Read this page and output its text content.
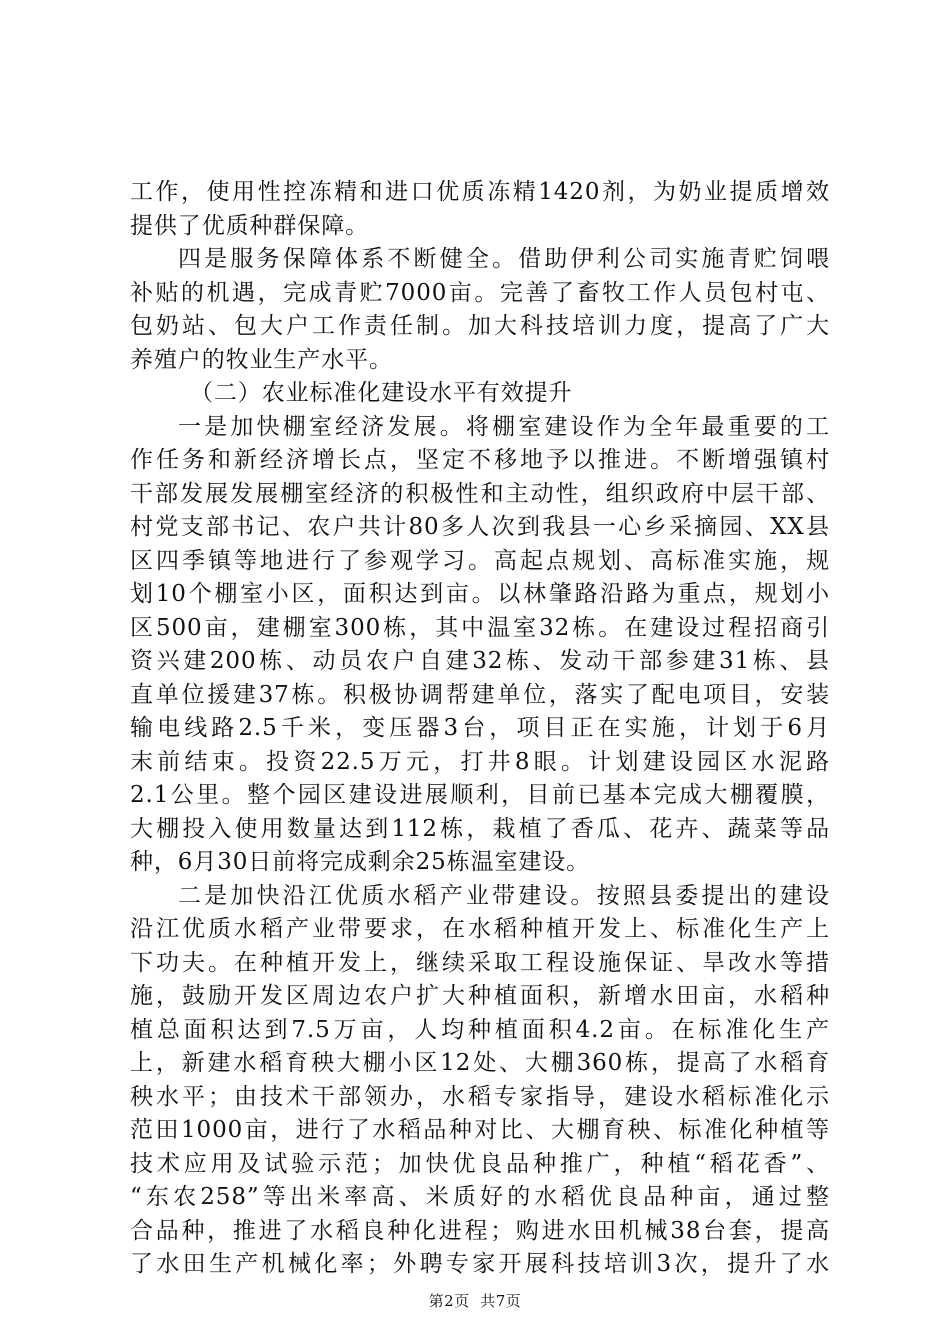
工作，使用性控冻精和进口优质冻精1420剂，为奶业提质增效
提供了优质种群保障。
四是服务保障体系不断健全。借助伊利公司实施青贮饲喂
补贴的机遇，完成青贮7000亩。完善了畜牧工作人员包村屯、
包奶站、包大户工作责任制。加大科技培训力度，提高了广大
养殖户的牧业生产水平。
（二）农业标准化建设水平有效提升
一是加快棚室经济发展。将棚室建设作为全年最重要的工
作任务和新经济增长点，坚定不移地予以推进。不断增强镇村
干部发展发展棚室经济的积极性和主动性，组织政府中层干部、
村党支部书记、农户共计80多人次到我县一心乡采摘园、XX县
区四季镇等地进行了参观学习。高起点规划、高标准实施，规
划10个棚室小区，面积达到亩。以林肇路沿路为重点，规划小
区500亩，建棚室300栋，其中温室32栋。在建设过程招商引
资兴建200栋、动员农户自建32栋、发动干部参建31栋、县
直单位援建37栋。积极协调帮建单位，落实了配电项目，安装
输电线路2.5千米，变压器3台，项目正在实施，计划于6月
末前结束。投资22.5万元，打井8眼。计划建设园区水泥路
2.1公里。整个园区建设进展顺利，目前已基本完成大棚覆膜，
大棚投入使用数量达到112栋，栽植了香瓜、花卉、蔬菜等品
种，6月30日前将完成剩余25栋温室建设。
二是加快沿江优质水稻产业带建设。按照县委提出的建设
沿江优质水稻产业带要求，在水稻种植开发上、标准化生产上
下功夫。在种植开发上，继续采取工程设施保证、旱改水等措
施，鼓励开发区周边农户扩大种植面积，新增水田亩，水稻种
植总面积达到7.5万亩，人均种植面积4.2亩。在标准化生产
上，新建水稻育秧大棚小区12处、大棚360栋，提高了水稻育
秧水平；由技术干部领办，水稻专家指导，建设水稻标准化示
范田1000亩，进行了水稻品种对比、大棚育秧、标准化种植等
技术应用及试验示范；加快优良品种推广，种植“稻花香”、
“东农258”等出米率高、米质好的水稻优良品种亩，通过整
合品种，推进了水稻良种化进程；购进水田机械38台套，提高
了水田生产机械化率；外聘专家开展科技培训3次，提升了水
第2页 共7页
